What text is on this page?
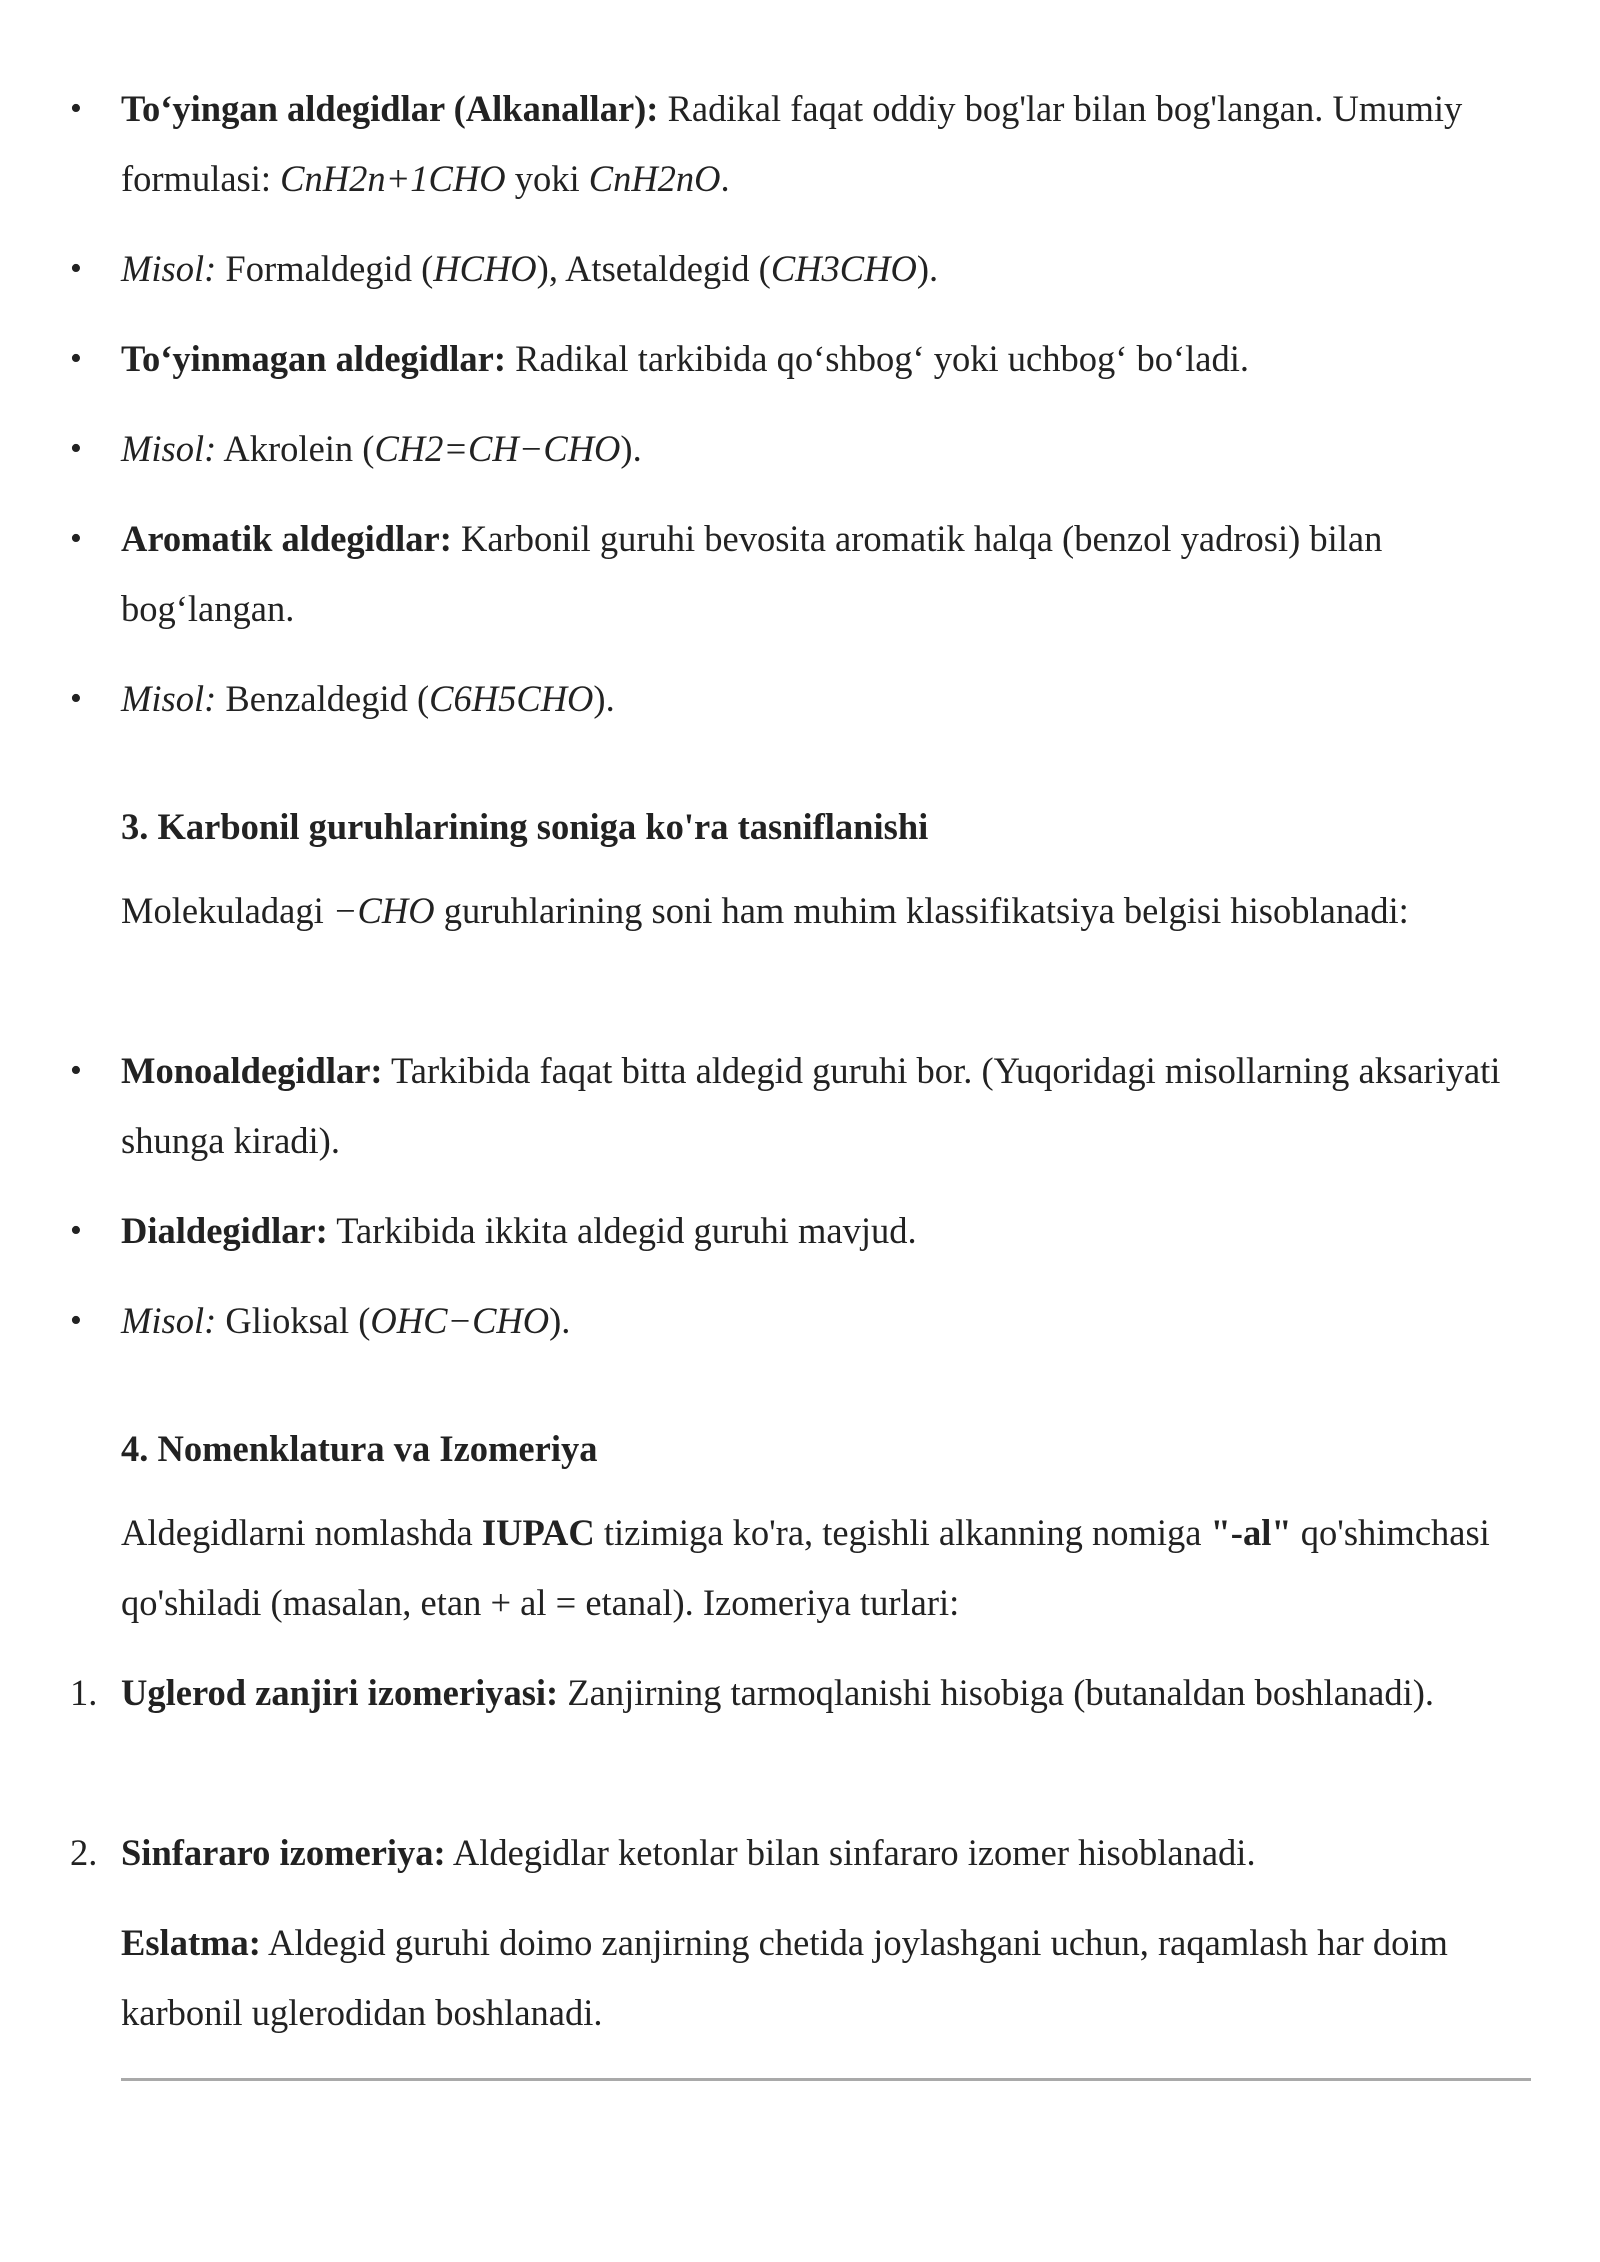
•	To‘yingan aldegidlar (Alkanallar): Radikal faqat oddiy bog'lar bilan bog'langan. Umumiy formulasi: CnH2n+1CHO yoki CnH2nO.
•	Misol: Formaldegid (HCHO), Atsetaldegid (CH3CHO).
•	To‘yinmagan aldegidlar: Radikal tarkibida qo‘shbog‘ yoki uchbog‘ bo‘ladi.
•	Misol: Akrolein (CH2=CH−CHO).
•	Aromatik aldegidlar: Karbonil guruhi bevosita aromatik halqa (benzol yadrosi) bilan bog‘langan.
•	Misol: Benzaldegid (C6H5CHO).
3. Karbonil guruhlarining soniga ko'ra tasniflanishi
Molekuladagi −CHO guruhlarining soni ham muhim klassifikatsiya belgisi hisoblanadi:
•	Monoaldegidlar: Tarkibida faqat bitta aldegid guruhi bor. (Yuqoridagi misollarning aksariyati shunga kiradi).
•	Dialdegidlar: Tarkibida ikkita aldegid guruhi mavjud.
•	Misol: Glioksal (OHC−CHO).
4. Nomenklatura va Izomeriya
Aldegidlarni nomlashda IUPAC tizimiga ko'ra, tegishli alkanning nomiga "-al" qo'shimchasi qo'shiladi (masalan, etan + al = etanal). Izomeriya turlari:
1. Uglerod zanjiri izomeriyasi: Zanjirning tarmoqlanishi hisobiga (butanaldan boshlanadi).
2. Sinfararo izomeriya: Aldegidlar ketonlar bilan sinfararo izomer hisoblanadi.
Eslatma: Aldegid guruhi doimo zanjirning chetida joylashgani uchun, raqamlash har doim karbonil uglerodidan boshlanadi.
